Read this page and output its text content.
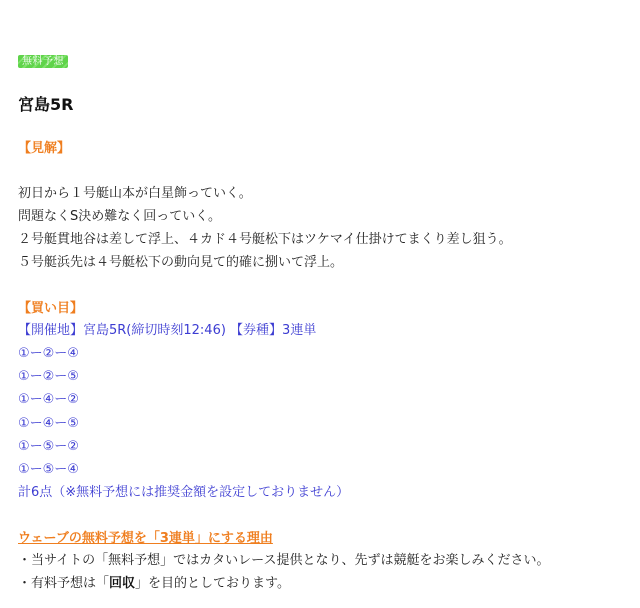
無料予想
宮島5R
【見解】
初日から１号艇山本が白星飾っていく。
問題なくS決め難なく回っていく。
２号艇貫地谷は差して浮上、４カド４号艇松下はツケマイ仕掛けてまくり差し狙う。
５号艇浜先は４号艇松下の動向見て的確に捌いて浮上。
【買い目】
【開催地】宮島5R(締切時刻12:46) 【券種】3連単
①ー②ー④
①ー②ー⑤
①ー④ー②
①ー④ー⑤
①ー⑤ー②
①ー⑤ー④
計6点（※無料予想には推奨金額を設定しておりません）
ウェーブの無料予想を「3連単」にする理由
・当サイトの「無料予想」ではカタいレース提供となり、先ずは競艇をお楽しみください。
・有料予想は「回収」を目的としております。
